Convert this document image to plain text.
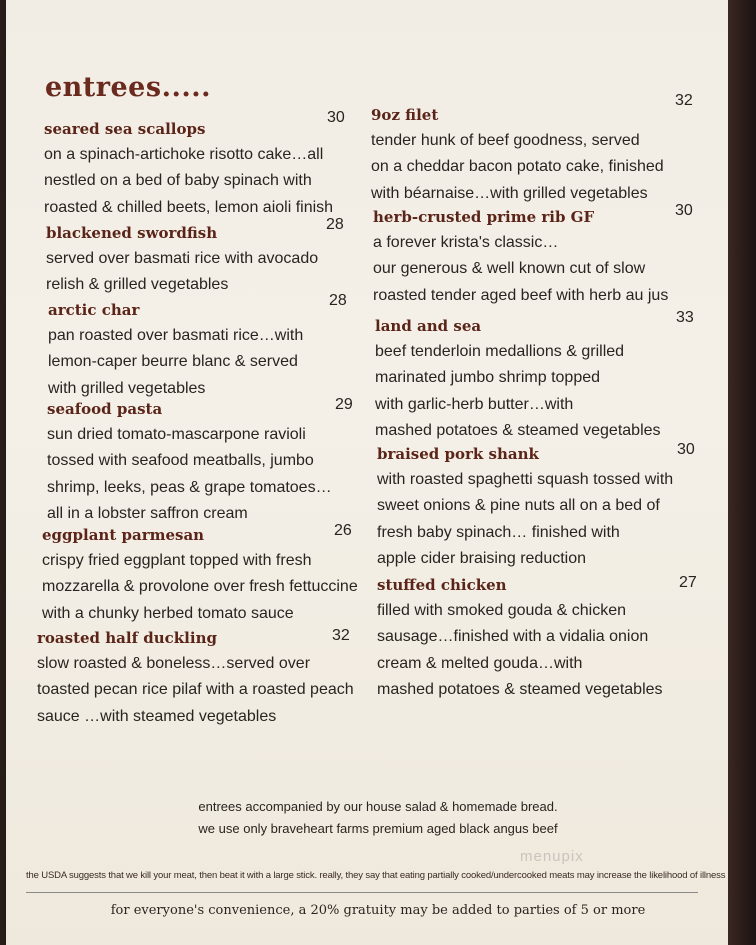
entrees.....
seared sea scallops
on a spinach-artichoke risotto cake…all
nestled on a bed of baby spinach with
roasted & chilled beets, lemon aioli finish
30
blackened swordfish
served over basmati rice with avocado
relish & grilled vegetables
28
arctic char
pan roasted over basmati rice…with
lemon-caper beurre blanc & served
with grilled vegetables
28
seafood pasta
sun dried tomato-mascarpone ravioli
tossed with seafood meatballs, jumbo
shrimp, leeks, peas & grape tomatoes…
all in a lobster saffron cream
29
eggplant parmesan
crispy fried eggplant topped with fresh
mozzarella & provolone over fresh fettuccine
with a chunky herbed tomato sauce
26
roasted half duckling
slow roasted & boneless…served over
toasted pecan rice pilaf with a roasted peach
sauce …with steamed vegetables
32
9oz filet
tender hunk of beef goodness, served
on a cheddar bacon potato cake, finished
with béarnaise…with grilled vegetables
32
herb-crusted prime rib GF
a forever krista's classic…
our generous & well known cut of slow
roasted tender aged beef with herb au jus
30
land and sea
beef tenderloin medallions & grilled
marinated jumbo shrimp topped
with garlic-herb butter…with
mashed potatoes & steamed vegetables
33
braised pork shank
with roasted spaghetti squash tossed with
sweet onions & pine nuts all on a bed of
fresh baby spinach… finished with
apple cider braising reduction
30
stuffed chicken
filled with smoked gouda & chicken
sausage…finished with a vidalia onion
cream & melted gouda…with
mashed potatoes & steamed vegetables
27
entrees accompanied by our house salad & homemade bread.
we use only braveheart farms premium aged black angus beef
menupix
the USDA suggests that we kill your meat, then beat it with a large stick. really, they say that eating partially cooked/undercooked meats may increase the likelihood of illness
for everyone's convenience, a 20% gratuity may be added to parties of 5 or more
